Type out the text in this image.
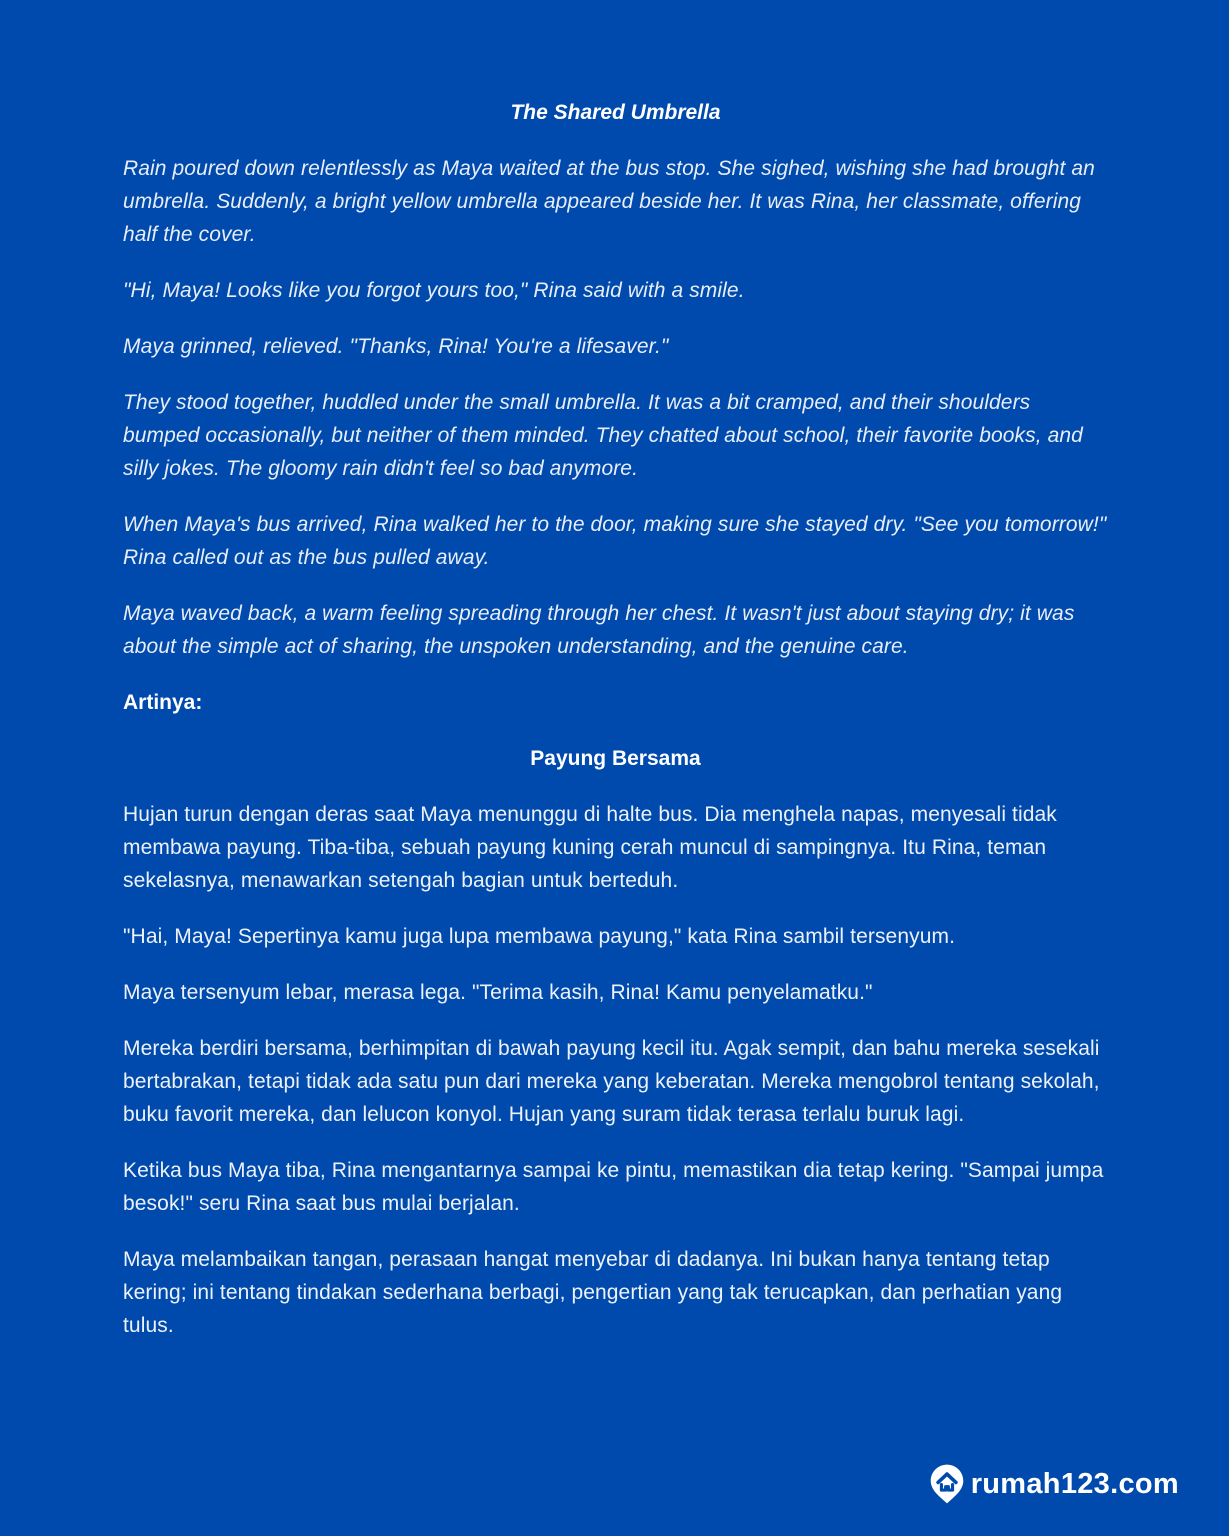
The Shared Umbrella

Rain poured down relentlessly as Maya waited at the bus stop. She sighed, wishing she had brought an umbrella. Suddenly, a bright yellow umbrella appeared beside her. It was Rina, her classmate, offering half the cover.

"Hi, Maya! Looks like you forgot yours too," Rina said with a smile.

Maya grinned, relieved. "Thanks, Rina! You're a lifesaver."

They stood together, huddled under the small umbrella. It was a bit cramped, and their shoulders bumped occasionally, but neither of them minded. They chatted about school, their favorite books, and silly jokes. The gloomy rain didn't feel so bad anymore.

When Maya's bus arrived, Rina walked her to the door, making sure she stayed dry. "See you tomorrow!" Rina called out as the bus pulled away.

Maya waved back, a warm feeling spreading through her chest. It wasn't just about staying dry; it was about the simple act of sharing, the unspoken understanding, and the genuine care.

Artinya:

Payung Bersama

Hujan turun dengan deras saat Maya menunggu di halte bus. Dia menghela napas, menyesali tidak membawa payung. Tiba-tiba, sebuah payung kuning cerah muncul di sampingnya. Itu Rina, teman sekelasnya, menawarkan setengah bagian untuk berteduh.

"Hai, Maya! Sepertinya kamu juga lupa membawa payung," kata Rina sambil tersenyum.

Maya tersenyum lebar, merasa lega. "Terima kasih, Rina! Kamu penyelamatku."

Mereka berdiri bersama, berhimpitan di bawah payung kecil itu. Agak sempit, dan bahu mereka sesekali bertabrakan, tetapi tidak ada satu pun dari mereka yang keberatan. Mereka mengobrol tentang sekolah, buku favorit mereka, dan lelucon konyol. Hujan yang suram tidak terasa terlalu buruk lagi.

Ketika bus Maya tiba, Rina mengantarnya sampai ke pintu, memastikan dia tetap kering. "Sampai jumpa besok!" seru Rina saat bus mulai berjalan.

Maya melambaikan tangan, perasaan hangat menyebar di dadanya. Ini bukan hanya tentang tetap kering; ini tentang tindakan sederhana berbagi, pengertian yang tak terucapkan, dan perhatian yang tulus.

rumah123.com
